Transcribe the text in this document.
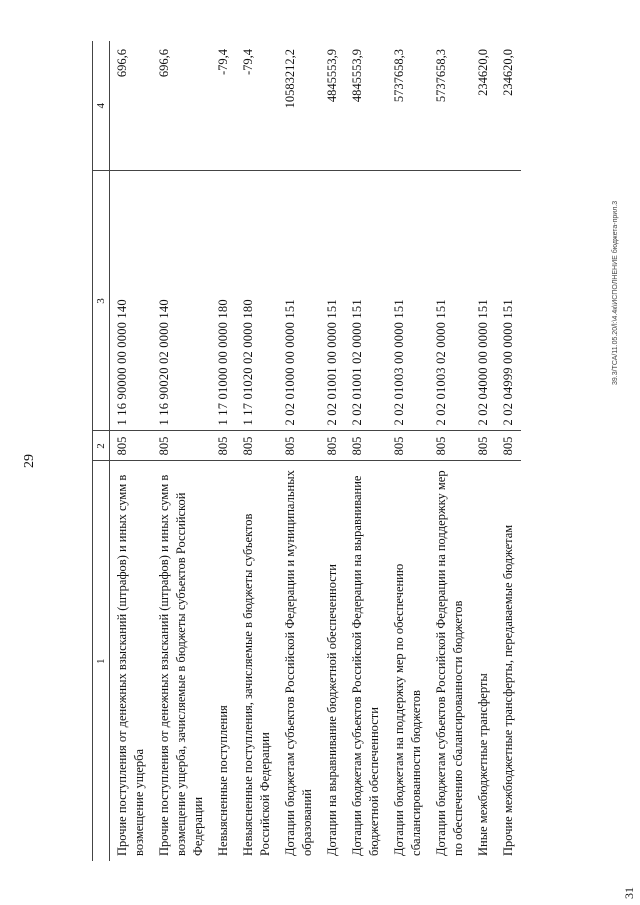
29
1	2	3	4
Прочие поступления от денежных взысканий (штрафов) и иных сумм в возмещение ущерба	805	1 16 90000 00 0000 140	696,6
Прочие поступления от денежных взысканий (штрафов) и иных сумм в возмещение ущерба, зачисляемые в бюджеты субъектов Российской Федерации	805	1 16 90020 02 0000 140	696,6
Невыясненные поступления	805	1 17 01000 00 0000 180	-79,4
Невыясненные поступления, зачисляемые в бюджеты субъектов Российской Федерации	805	1 17 01020 02 0000 180	-79,4
Дотации бюджетам субъектов Российской Федерации и муниципальных образований	805	2 02 01000 00 0000 151	10583212,2
Дотации на выравнивание бюджетной обеспеченности	805	2 02 01001 00 0000 151	4845553,9
Дотации бюджетам субъектов Российской Федерации на выравнивание бюджетной обеспеченности	805	2 02 01001 02 0000 151	4845553,9
Дотации бюджетам на поддержку мер по обеспечению сбалансированности бюджетов	805	2 02 01003 00 0000 151	5737658,3
Дотации бюджетам субъектов Российской Федерации на поддержку мер по обеспечению сбалансированности бюджетов	805	2 02 01003 02 0000 151	5737658,3
Иные межбюджетные трансферты	805	2 02 04000 00 0000 151	234620,0
Прочие межбюджетные трансферты, передаваемые бюджетам	805	2 02 04999 00 0000 151	234620,0
39.3/ТСА/11.05.20/l:\4.4к\ИСПОЛНЕНИЕ бюджета-прил.3
31
